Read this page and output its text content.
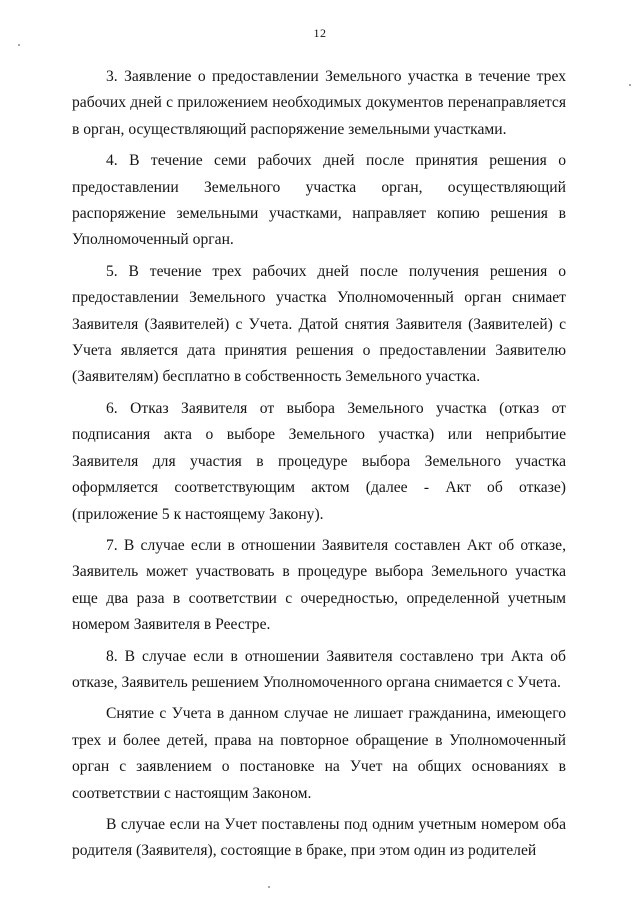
12

3. Заявление о предоставлении Земельного участка в течение трех рабочих дней с приложением необходимых документов перенаправляется в орган, осуществляющий распоряжение земельными участками.

4. В течение семи рабочих дней после принятия решения о предоставлении Земельного участка орган, осуществляющий распоряжение земельными участками, направляет копию решения в Уполномоченный орган.

5. В течение трех рабочих дней после получения решения о предоставлении Земельного участка Уполномоченный орган снимает Заявителя (Заявителей) с Учета. Датой снятия Заявителя (Заявителей) с Учета является дата принятия решения о предоставлении Заявителю (Заявителям) бесплатно в собственность Земельного участка.

6. Отказ Заявителя от выбора Земельного участка (отказ от подписания акта о выборе Земельного участка) или неприбытие Заявителя для участия в процедуре выбора Земельного участка оформляется соответствующим актом (далее - Акт об отказе) (приложение 5 к настоящему Закону).

7. В случае если в отношении Заявителя составлен Акт об отказе, Заявитель может участвовать в процедуре выбора Земельного участка еще два раза в соответствии с очередностью, определенной учетным номером Заявителя в Реестре.

8. В случае если в отношении Заявителя составлено три Акта об отказе, Заявитель решением Уполномоченного органа снимается с Учета.

Снятие с Учета в данном случае не лишает гражданина, имеющего трех и более детей, права на повторное обращение в Уполномоченный орган с заявлением о постановке на Учет на общих основаниях в соответствии с настоящим Законом.

В случае если на Учет поставлены под одним учетным номером оба родителя (Заявителя), состоящие в браке, при этом один из родителей
